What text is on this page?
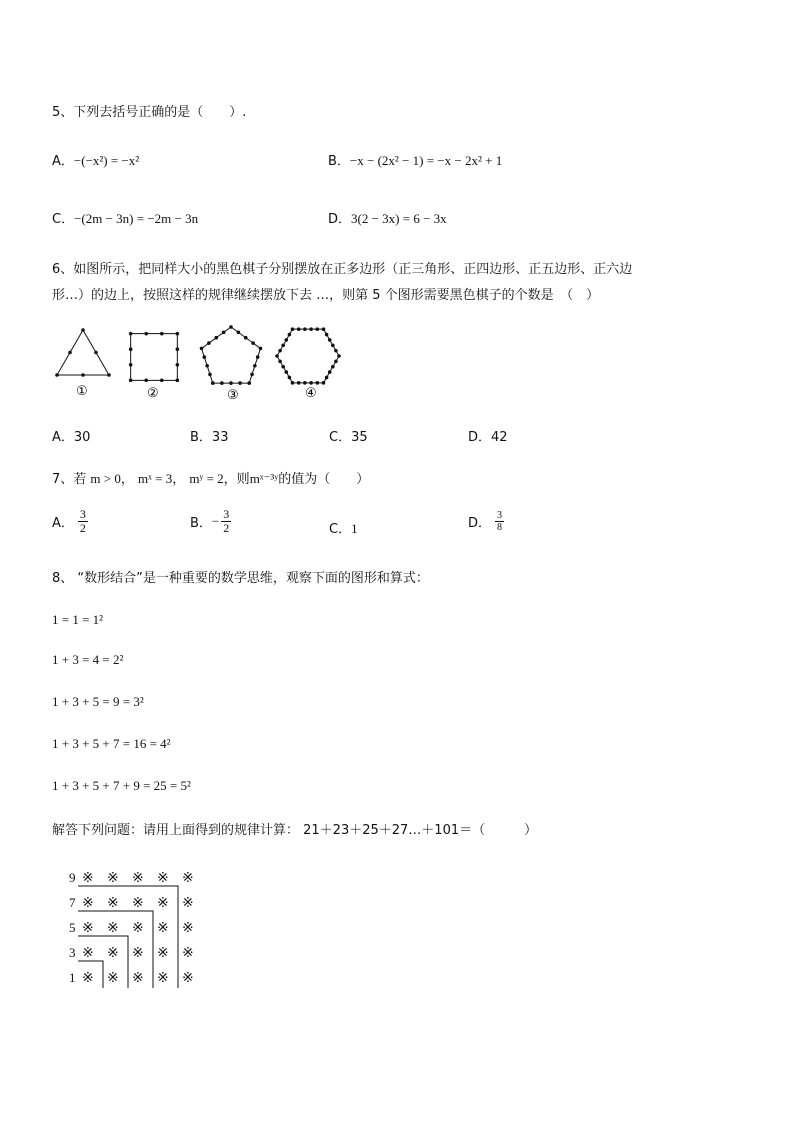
5、下列去括号正确的是（　　）.
A．−(−x²) = −x²	B．−x − (2x² − 1) = −x − 2x² + 1
C．−(2m − 3n) = −2m − 3n	D．3(2 − 3x) = 6 − 3x
6、如图所示，把同样大小的黑色棋子分别摆放在正多边形（正三角形、正四边形、正五边形、正六边
形…）的边上，按照这样的规律继续摆放下去 …，则第 5 个图形需要黑色棋子的个数是　（　）
①	②	③	④
A．30	B．33	C．35	D．42
7、若 m > 0， mˣ = 3， mʸ = 2，则mˣ⁻³ʸ的值为（　　）
A． $\frac{3}{2}$	B．− $\frac{3}{2}$	C．1	D． $\frac{3}{8}$
8、 “数形结合”是一种重要的数学思维，观察下面的图形和算式：
1 = 1 = 1²
1 + 3 = 4 = 2²
1 + 3 + 5 = 9 = 3²
1 + 3 + 5 + 7 = 16 = 4²
1 + 3 + 5 + 7 + 9 = 25 = 5²
解答下列问题：请用上面得到的规律计算： 21＋23＋25＋27…＋101＝（　　　）
9 ※ ※ ※ ※ ※
7 ※ ※ ※ ※ ※
5 ※ ※ ※ ※ ※
3 ※ ※ ※ ※ ※
1 ※ ※ ※ ※ ※
